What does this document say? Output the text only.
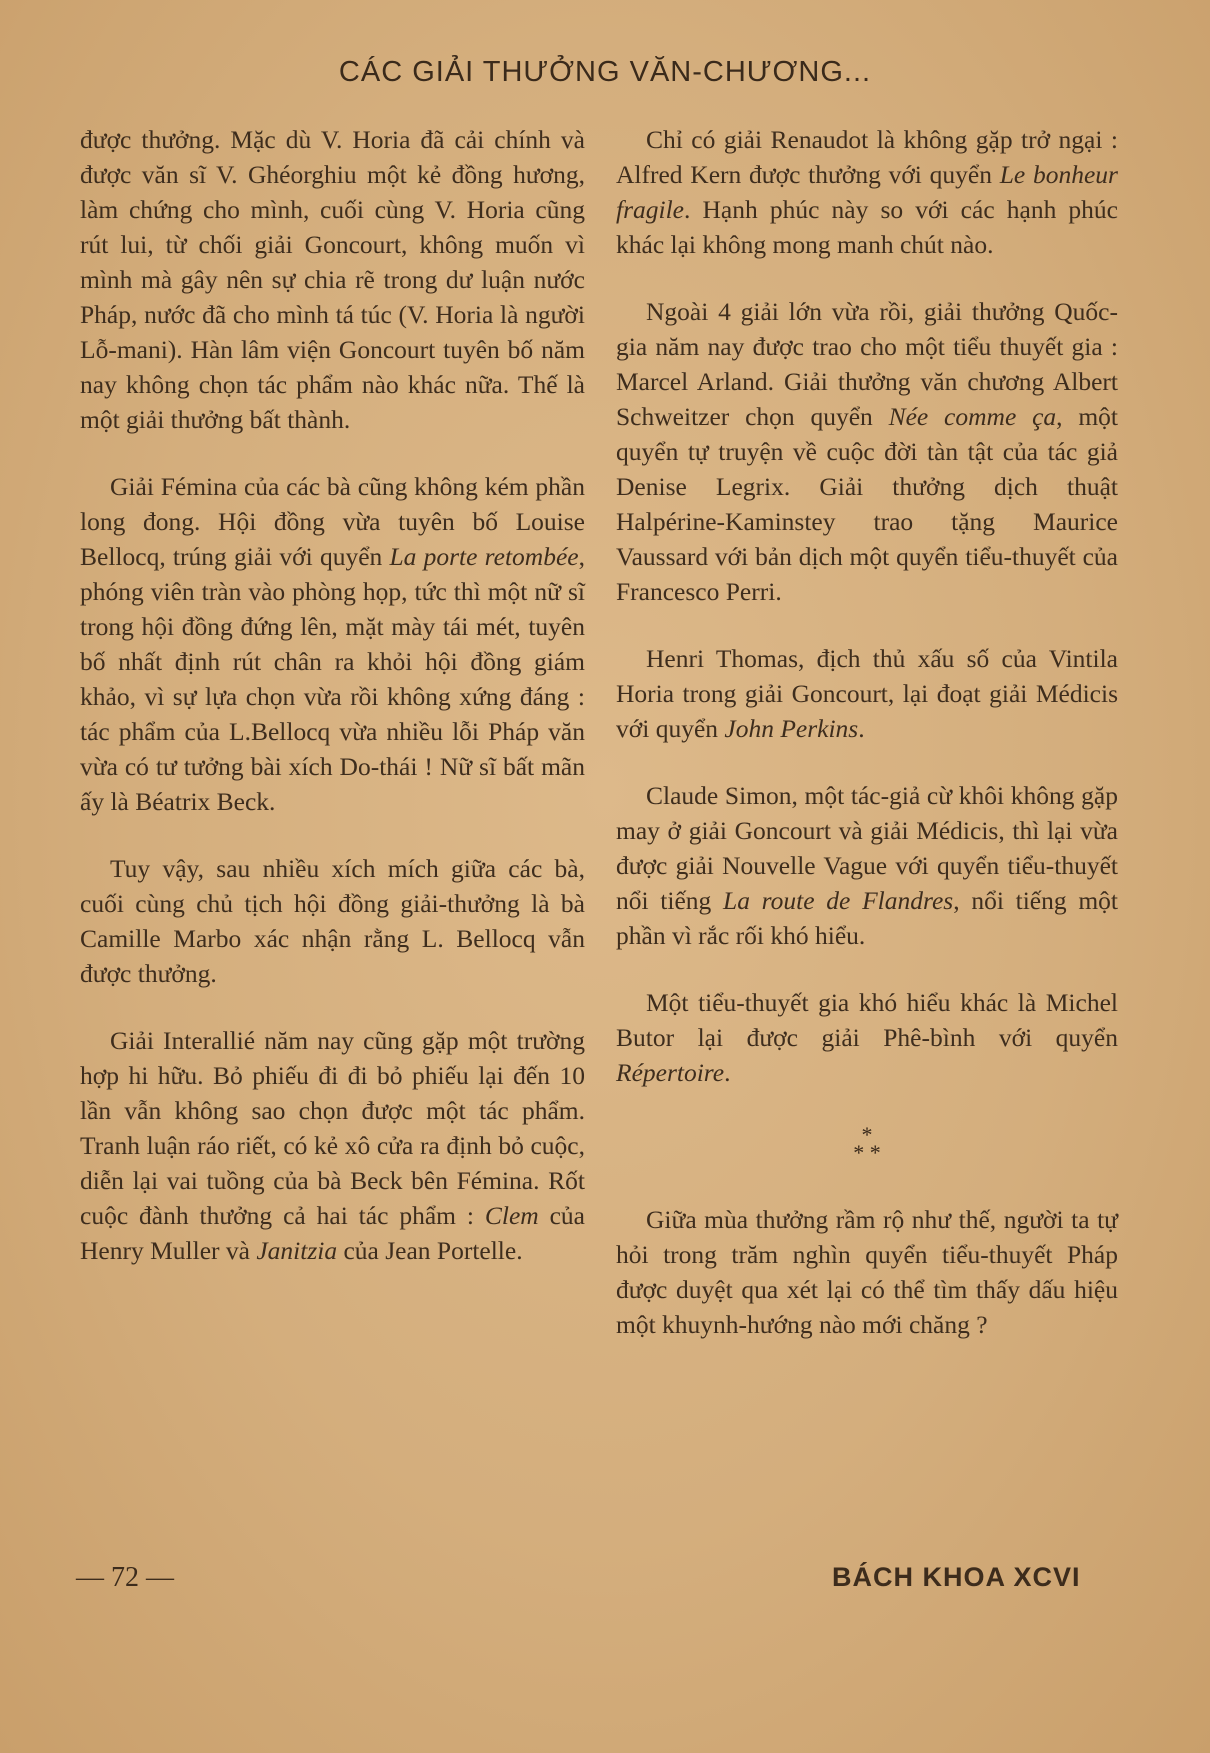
CÁC GIẢI THƯỞNG VĂN-CHƯƠNG...

được thưởng. Mặc dù V. Horia đã cải chính và được văn sĩ V. Ghéorghiu một kẻ đồng hương, làm chứng cho mình, cuối cùng V. Horia cũng rút lui, từ chối giải Goncourt, không muốn vì mình mà gây nên sự chia rẽ trong dư luận nước Pháp, nước đã cho mình tá túc (V. Horia là người Lỗ-mani). Hàn lâm viện Goncourt tuyên bố năm nay không chọn tác phẩm nào khác nữa. Thế là một giải thưởng bất thành.

Giải Fémina của các bà cũng không kém phần long đong. Hội đồng vừa tuyên bố Louise Bellocq, trúng giải với quyển La porte retombée, phóng viên tràn vào phòng họp, tức thì một nữ sĩ trong hội đồng đứng lên, mặt mày tái mét, tuyên bố nhất định rút chân ra khỏi hội đồng giám khảo, vì sự lựa chọn vừa rồi không xứng đáng : tác phẩm của L.Bellocq vừa nhiều lỗi Pháp văn vừa có tư tưởng bài xích Do-thái ! Nữ sĩ bất mãn ấy là Béatrix Beck.

Tuy vậy, sau nhiều xích mích giữa các bà, cuối cùng chủ tịch hội đồng giải-thưởng là bà Camille Marbo xác nhận rằng L. Bellocq vẫn được thưởng.

Giải Interallié năm nay cũng gặp một trường hợp hi hữu. Bỏ phiếu đi đi bỏ phiếu lại đến 10 lần vẫn không sao chọn được một tác phẩm. Tranh luận ráo riết, có kẻ xô cửa ra định bỏ cuộc, diễn lại vai tuồng của bà Beck bên Fémina. Rốt cuộc đành thưởng cả hai tác phẩm : Clem của Henry Muller và Janitzia của Jean Portelle.

Chỉ có giải Renaudot là không gặp trở ngại : Alfred Kern được thưởng với quyển Le bonheur fragile. Hạnh phúc này so với các hạnh phúc khác lại không mong manh chút nào.

Ngoài 4 giải lớn vừa rồi, giải thưởng Quốc-gia năm nay được trao cho một tiểu thuyết gia : Marcel Arland. Giải thưởng văn chương Albert Schweitzer chọn quyển Née comme ça, một quyển tự truyện về cuộc đời tàn tật của tác giả Denise Legrix. Giải thưởng dịch thuật Halpérine-Kaminstey trao tặng Maurice Vaussard với bản dịch một quyển tiểu-thuyết của Francesco Perri.

Henri Thomas, địch thủ xấu số của Vintila Horia trong giải Goncourt, lại đoạt giải Médicis với quyển John Perkins.

Claude Simon, một tác-giả cừ khôi không gặp may ở giải Goncourt và giải Médicis, thì lại vừa được giải Nouvelle Vague với quyển tiểu-thuyết nổi tiếng La route de Flandres, nổi tiếng một phần vì rắc rối khó hiểu.

Một tiểu-thuyết gia khó hiểu khác là Michel Butor lại được giải Phê-bình với quyển Répertoire.

*
* *

Giữa mùa thưởng rầm rộ như thế, người ta tự hỏi trong trăm nghìn quyển tiểu-thuyết Pháp được duyệt qua xét lại có thể tìm thấy dấu hiệu một khuynh-hướng nào mới chăng ?

— 72 —	BÁCH KHOA XCVI
